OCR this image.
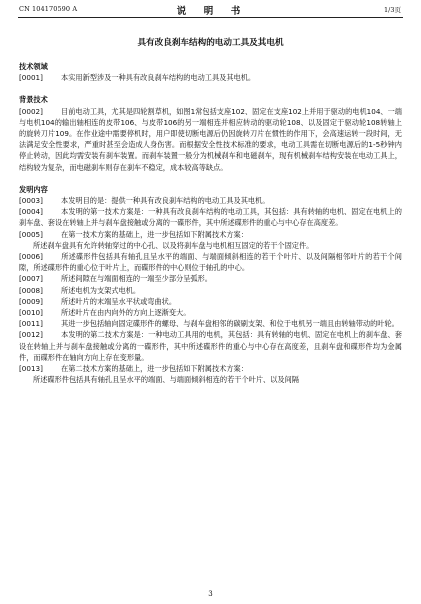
CN 104170590 A	说　明　书	1/3页
具有改良刹车结构的电动工具及其电机

技术领域

[0001]	本实用新型涉及一种具有改良刹车结构的电动工具及其电机。

背景技术

[0002]	目前电动工具，尤其是四轮割草机，如图1常包括支座102、固定在支座102上并用于驱动的电机104、一端与电机104的输出轴相连的皮带106、与皮带106的另一端相连并相应转动的驱动轮108、以及固定于驱动轮108转轴上的旋转刀片109。在作业途中需要停机时，用户即使切断电源后仍因旋转刀片在惯性的作用下，会高速运转一段时间，无法满足安全性要求，严重时甚至会造成人身伤害。而根据安全性技术标准的要求，电动工具需在切断电源后的1-5秒钟内停止转动，因此均需安装有刹车装置。而刹车装置一般分为机械刹车和电磁刹车，现有机械刹车结构安装在电动工具上，结构较为复杂，而电磁刹车则存在刹车不稳定，成本较高等缺点。

发明内容

[0003]	本发明目的是：提供一种具有改良刹车结构的电动工具及其电机。

[0004]	本发明的第一技术方案是：一种具有改良刹车结构的电动工具，其包括：具有转轴的电机、固定在电机上的刹车盘、套设在转轴上并与刹车盘接触或分离的一碟形件，其中所述碟形件的重心与中心存在高度差。

[0005]	在第一技术方案的基础上，进一步包括如下附属技术方案：

所述刹车盘具有允许转轴穿过的中心孔、以及将刹车盘与电机相互固定的若干个固定件。

[0006]	所述碟形件包括具有轴孔且呈水平的端面、与端面倾斜相连的若干个叶片、以及间隔相邻叶片的若干个间隙，所述碟形件的重心位于叶片上，而碟形件的中心则位于轴孔的中心。

[0007]	所述间隙在与端面相连的一端至少部分呈弧形。

[0008]	所述电机为支架式电机。

[0009]	所述叶片的末端呈水平状或弯曲状。

[0010]	所述叶片在由内向外的方向上逐渐变大。

[0011]	其进一步包括轴向固定碟形件的螺母、与刹车盘相邻的碳刷支架、和位于电机另一端且由转轴带动的叶轮。

[0012]	本发明的第二技术方案是：一种电动工具用的电机，其包括：具有转轴的电机、固定在电机上的刹车盘、套设在转轴上并与刹车盘接触或分离的一碟形件，其中所述碟形件的重心与中心存在高度差，且刹车盘和碟形件均为金属件，而碟形件在轴向方向上存在变形量。

[0013]	在第二技术方案的基础上，进一步包括如下附属技术方案：

所述碟形件包括具有轴孔且呈水平的端面、与端面倾斜相连的若干个叶片、以及间隔

3
